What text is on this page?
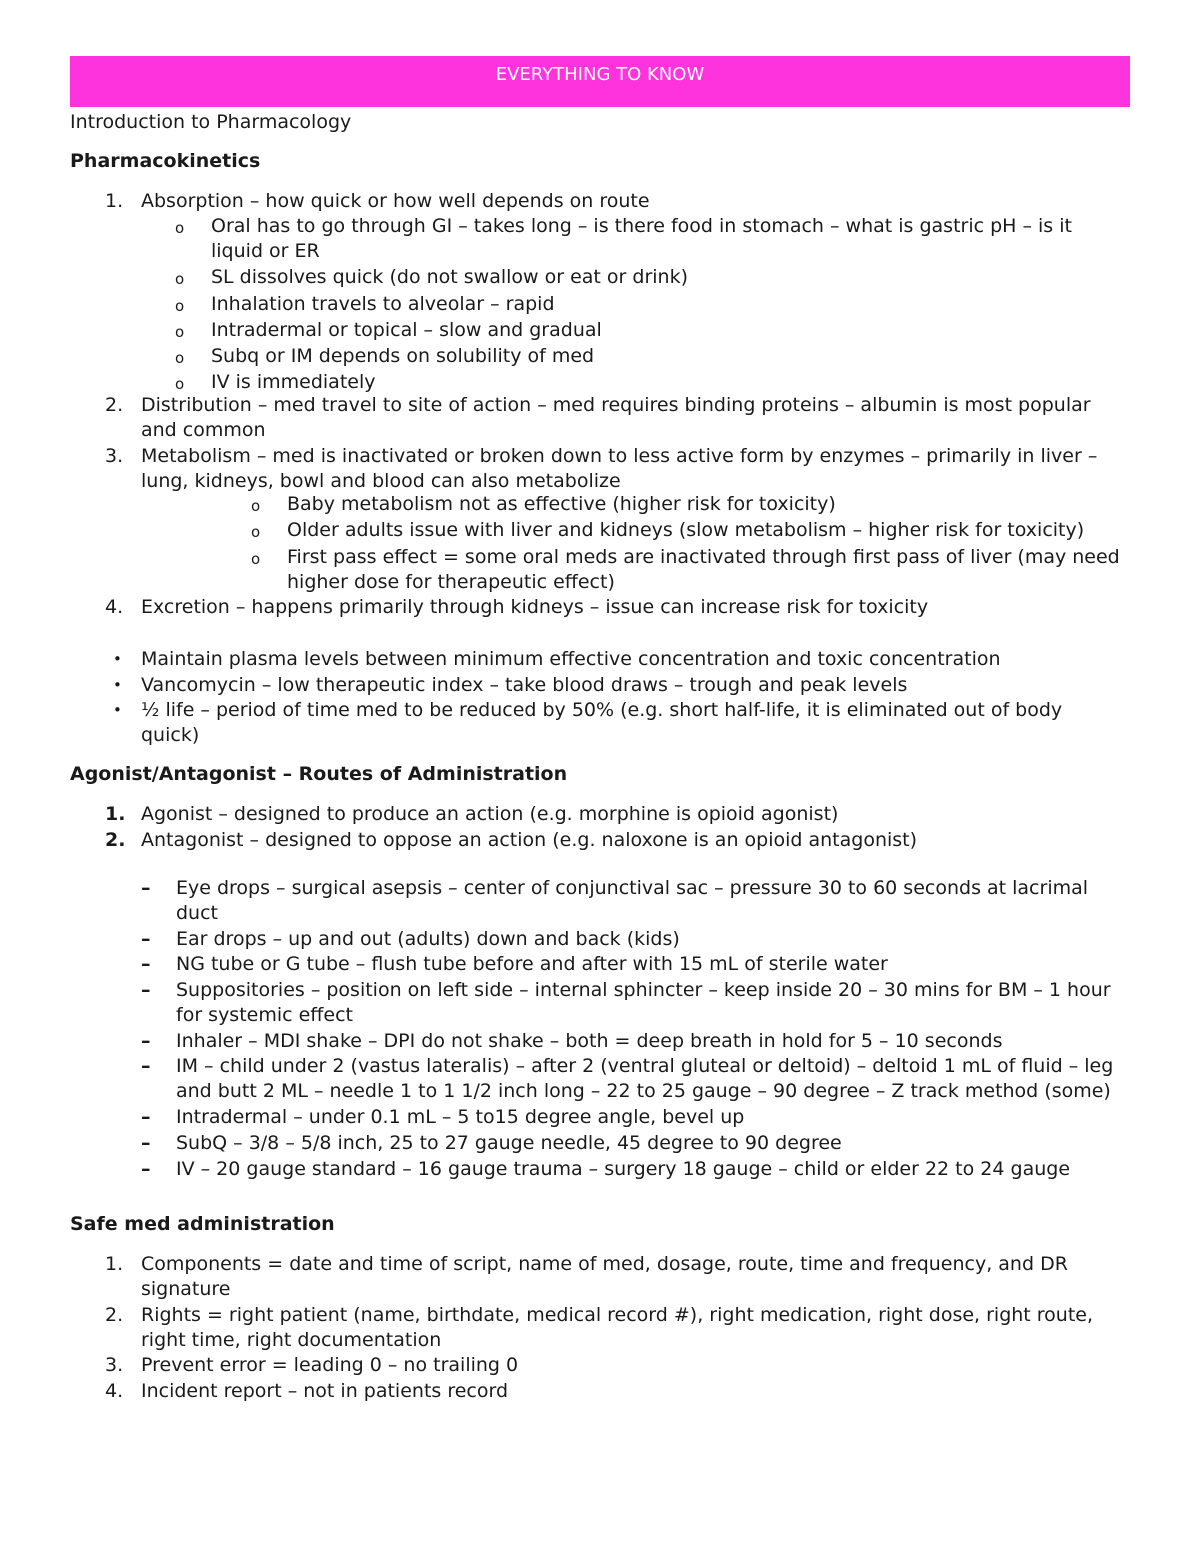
EVERYTHING TO KNOW
Introduction to Pharmacology
Pharmacokinetics
1. Absorption – how quick or how well depends on route
o Oral has to go through GI – takes long – is there food in stomach – what is gastric pH – is it liquid or ER
o SL dissolves quick (do not swallow or eat or drink)
o Inhalation travels to alveolar – rapid
o Intradermal or topical – slow and gradual
o Subq or IM depends on solubility of med
o IV is immediately
2. Distribution – med travel to site of action – med requires binding proteins – albumin is most popular and common
3. Metabolism – med is inactivated or broken down to less active form by enzymes – primarily in liver – lung, kidneys, bowl and blood can also metabolize
o Baby metabolism not as effective (higher risk for toxicity)
o Older adults issue with liver and kidneys (slow metabolism – higher risk for toxicity)
o First pass effect = some oral meds are inactivated through first pass of liver (may need higher dose for therapeutic effect)
4. Excretion – happens primarily through kidneys – issue can increase risk for toxicity
• Maintain plasma levels between minimum effective concentration and toxic concentration
• Vancomycin – low therapeutic index – take blood draws – trough and peak levels
• ½ life – period of time med to be reduced by 50% (e.g. short half-life, it is eliminated out of body quick)
Agonist/Antagonist – Routes of Administration
1. Agonist – designed to produce an action (e.g. morphine is opioid agonist)
2. Antagonist – designed to oppose an action (e.g. naloxone is an opioid antagonist)
– Eye drops – surgical asepsis – center of conjunctival sac – pressure 30 to 60 seconds at lacrimal duct
– Ear drops – up and out (adults) down and back (kids)
– NG tube or G tube – flush tube before and after with 15 mL of sterile water
– Suppositories – position on left side – internal sphincter – keep inside 20 – 30 mins for BM – 1 hour for systemic effect
– Inhaler – MDI shake – DPI do not shake – both = deep breath in hold for 5 – 10 seconds
– IM – child under 2 (vastus lateralis) – after 2 (ventral gluteal or deltoid) – deltoid 1 mL of fluid – leg and butt 2 ML – needle 1 to 1 1/2 inch long – 22 to 25 gauge – 90 degree – Z track method (some)
– Intradermal – under 0.1 mL – 5 to15 degree angle, bevel up
– SubQ – 3/8 – 5/8 inch, 25 to 27 gauge needle, 45 degree to 90 degree
– IV – 20 gauge standard – 16 gauge trauma – surgery 18 gauge – child or elder 22 to 24 gauge
Safe med administration
1. Components = date and time of script, name of med, dosage, route, time and frequency, and DR signature
2. Rights = right patient (name, birthdate, medical record #), right medication, right dose, right route, right time, right documentation
3. Prevent error = leading 0 – no trailing 0
4. Incident report – not in patients record
